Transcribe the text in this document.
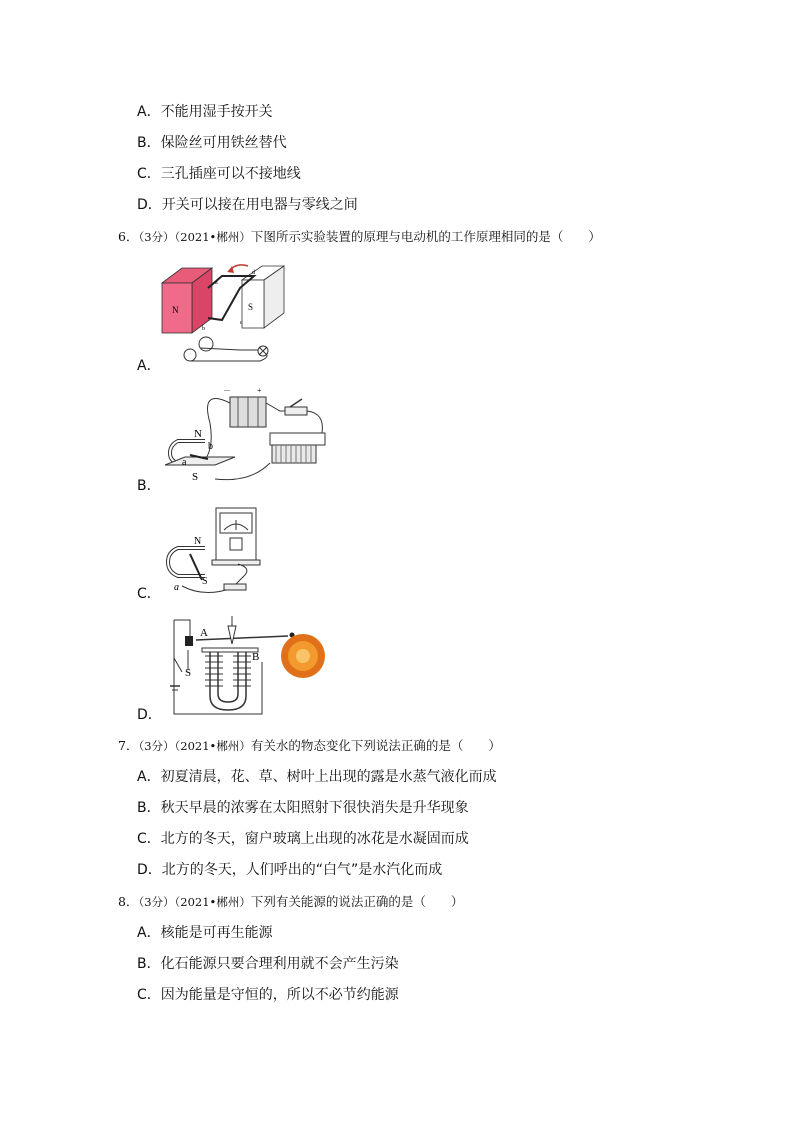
A．不能用湿手按开关
B．保险丝可用铁丝替代
C．三孔插座可以不接地线
D．开关可以接在用电器与零线之间
6．（3分）（2021•郴州）下图所示实验装置的原理与电动机的工作原理相同的是（　　）
N	S
a
d
b
c
A．
－	+
N
b
a
S
B．
N
S
a
C．
A
S
B
D．
7．（3分）（2021•郴州）有关水的物态变化下列说法正确的是（　　）
A．初夏清晨，花、草、树叶上出现的露是水蒸气液化而成
B．秋天早晨的浓雾在太阳照射下很快消失是升华现象
C．北方的冬天，窗户玻璃上出现的冰花是水凝固而成
D．北方的冬天，人们呼出的“白气”是水汽化而成
8．（3分）（2021•郴州）下列有关能源的说法正确的是（　　）
A．核能是可再生能源
B．化石能源只要合理利用就不会产生污染
C．因为能量是守恒的，所以不必节约能源
